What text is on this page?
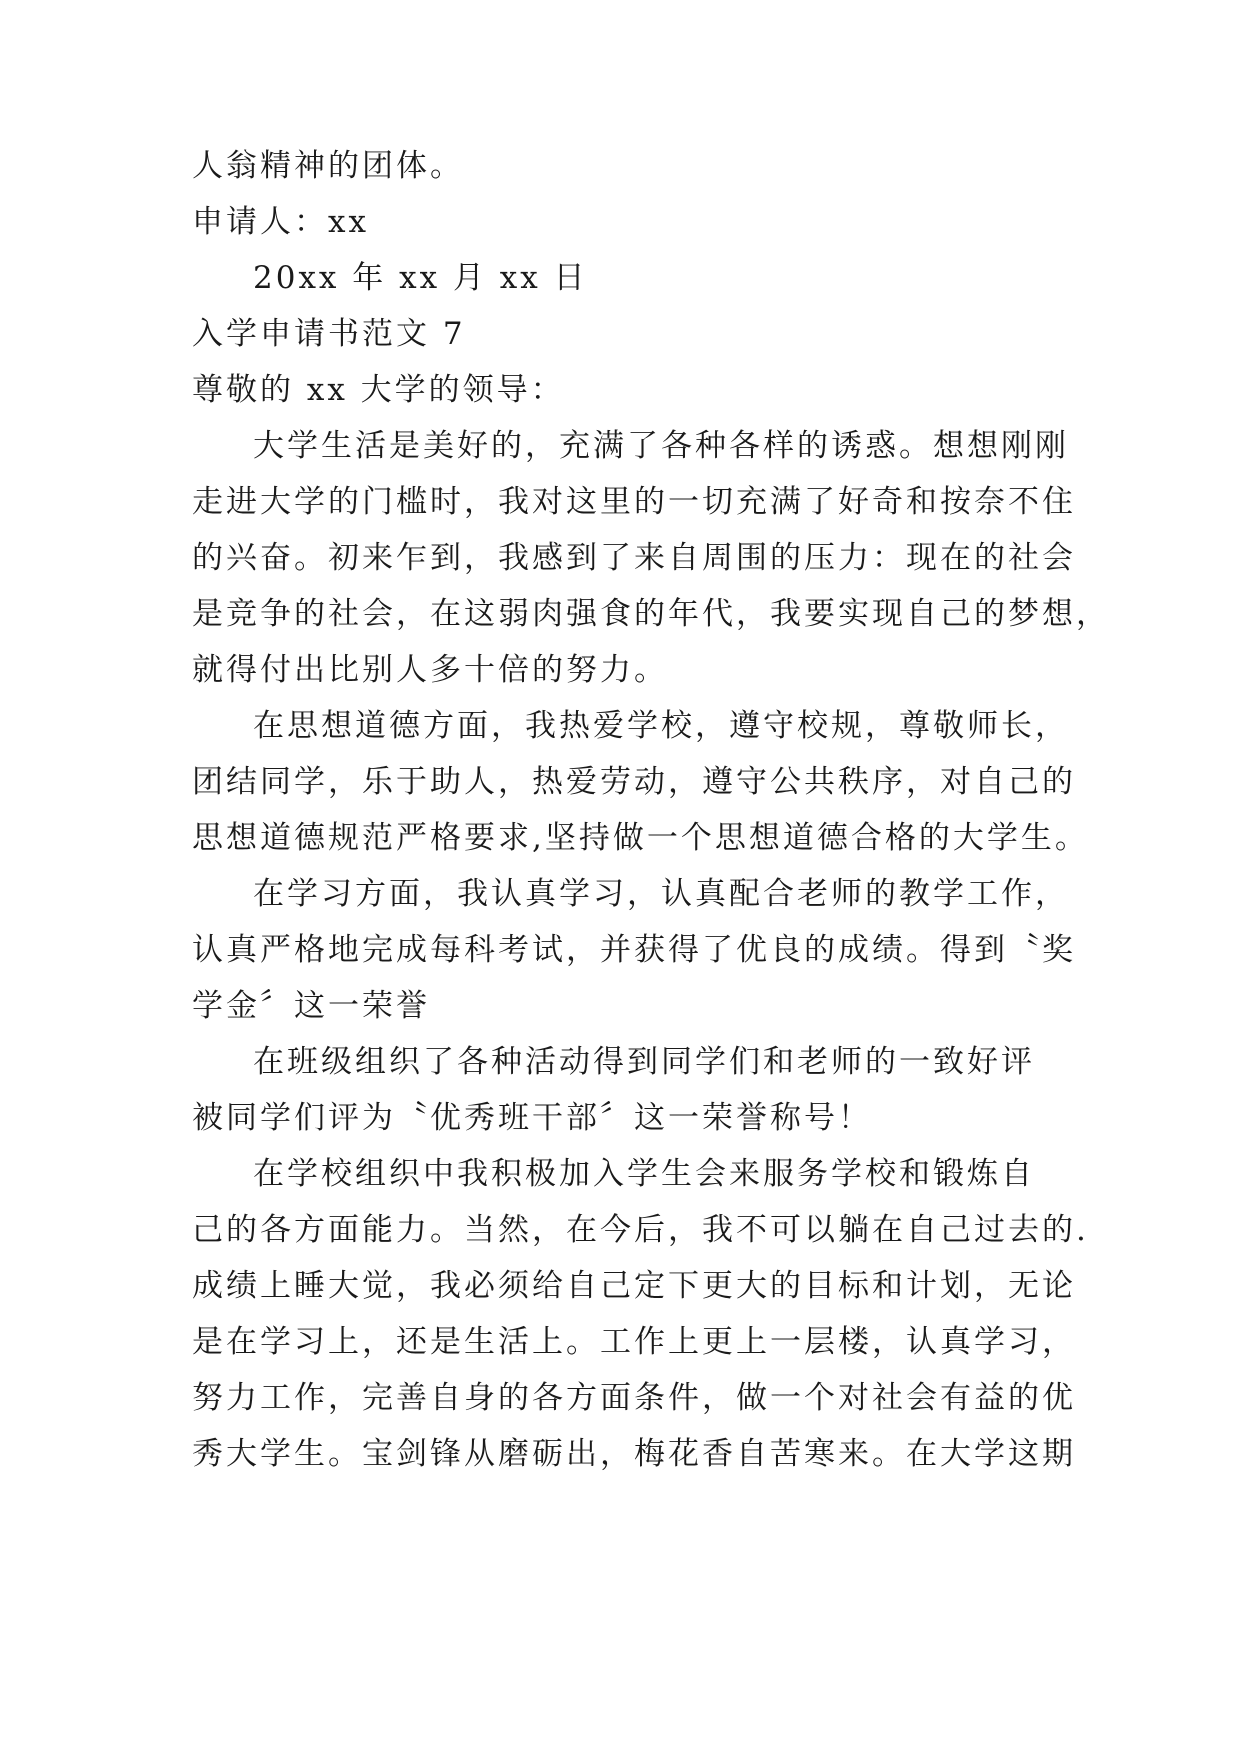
人翁精神的团体。

申请人：xx

20xx 年 xx 月 xx 日

入学申请书范文 7

尊敬的 xx 大学的领导：

大学生活是美好的，充满了各种各样的诱惑。想想刚刚

走进大学的门槛时，我对这里的一切充满了好奇和按奈不住

的兴奋。初来乍到，我感到了来自周围的压力：现在的社会

是竞争的社会，在这弱肉强食的年代，我要实现自己的梦想，

就得付出比别人多十倍的努力。

在思想道德方面，我热爱学校，遵守校规，尊敬师长，

团结同学，乐于助人，热爱劳动，遵守公共秩序，对自己的

思想道德规范严格要求,坚持做一个思想道德合格的大学生。

在学习方面，我认真学习，认真配合老师的教学工作，

认真严格地完成每科考试，并获得了优良的成绩。得到〝奖

学金〞这一荣誉

在班级组织了各种活动得到同学们和老师的一致好评

被同学们评为〝优秀班干部〞这一荣誉称号！

在学校组织中我积极加入学生会来服务学校和锻炼自

己的各方面能力。当然，在今后，我不可以躺在自己过去的.

成绩上睡大觉，我必须给自己定下更大的目标和计划，无论

是在学习上，还是生活上。工作上更上一层楼，认真学习，

努力工作，完善自身的各方面条件，做一个对社会有益的优

秀大学生。宝剑锋从磨砺出，梅花香自苦寒来。在大学这期
